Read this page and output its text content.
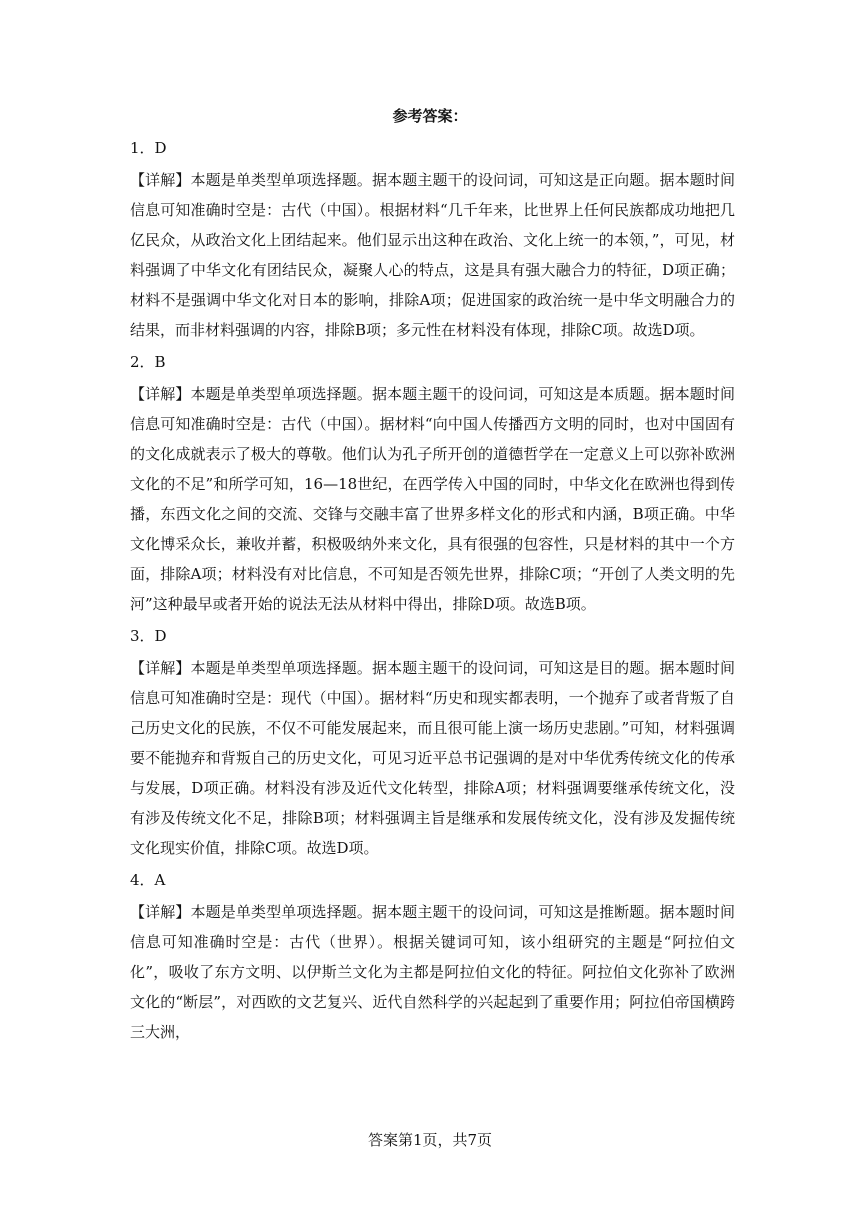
参考答案：
1．D

【详解】本题是单类型单项选择题。据本题主题干的设问词，可知这是正向题。据本题时间信息可知准确时空是：古代（中国）。根据材料“几千年来，比世界上任何民族都成功地把几亿民众，从政治文化上团结起来。他们显示出这种在政治、文化上统一的本领，”，可见，材料强调了中华文化有团结民众，凝聚人心的特点，这是具有强大融合力的特征，D项正确；材料不是强调中华文化对日本的影响，排除A项；促进国家的政治统一是中华文明融合力的结果，而非材料强调的内容，排除B项；多元性在材料没有体现，排除C项。故选D项。

2．B

【详解】本题是单类型单项选择题。据本题主题干的设问词，可知这是本质题。据本题时间信息可知准确时空是：古代（中国）。据材料“向中国人传播西方文明的同时，也对中国固有的文化成就表示了极大的尊敬。他们认为孔子所开创的道德哲学在一定意义上可以弥补欧洲文化的不足”和所学可知，16—18世纪，在西学传入中国的同时，中华文化在欧洲也得到传播，东西文化之间的交流、交锋与交融丰富了世界多样文化的形式和内涵，B项正确。中华文化博采众长，兼收并蓄，积极吸纳外来文化，具有很强的包容性，只是材料的其中一个方面，排除A项；材料没有对比信息，不可知是否领先世界，排除C项；“开创了人类文明的先河”这种最早或者开始的说法无法从材料中得出，排除D项。故选B项。

3．D

【详解】本题是单类型单项选择题。据本题主题干的设问词，可知这是目的题。据本题时间信息可知准确时空是：现代（中国）。据材料“历史和现实都表明，一个抛弃了或者背叛了自己历史文化的民族，不仅不可能发展起来，而且很可能上演一场历史悲剧。”可知，材料强调要不能抛弃和背叛自己的历史文化，可见习近平总书记强调的是对中华优秀传统文化的传承与发展，D项正确。材料没有涉及近代文化转型，排除A项；材料强调要继承传统文化，没有涉及传统文化不足，排除B项；材料强调主旨是继承和发展传统文化，没有涉及发掘传统文化现实价值，排除C项。故选D项。

4．A

【详解】本题是单类型单项选择题。据本题主题干的设问词，可知这是推断题。据本题时间信息可知准确时空是：古代（世界）。根据关键词可知，该小组研究的主题是“阿拉伯文化”，吸收了东方文明、以伊斯兰文化为主都是阿拉伯文化的特征。阿拉伯文化弥补了欧洲文化的“断层”，对西欧的文艺复兴、近代自然科学的兴起起到了重要作用；阿拉伯帝国横跨三大洲，

答案第1页，共7页
